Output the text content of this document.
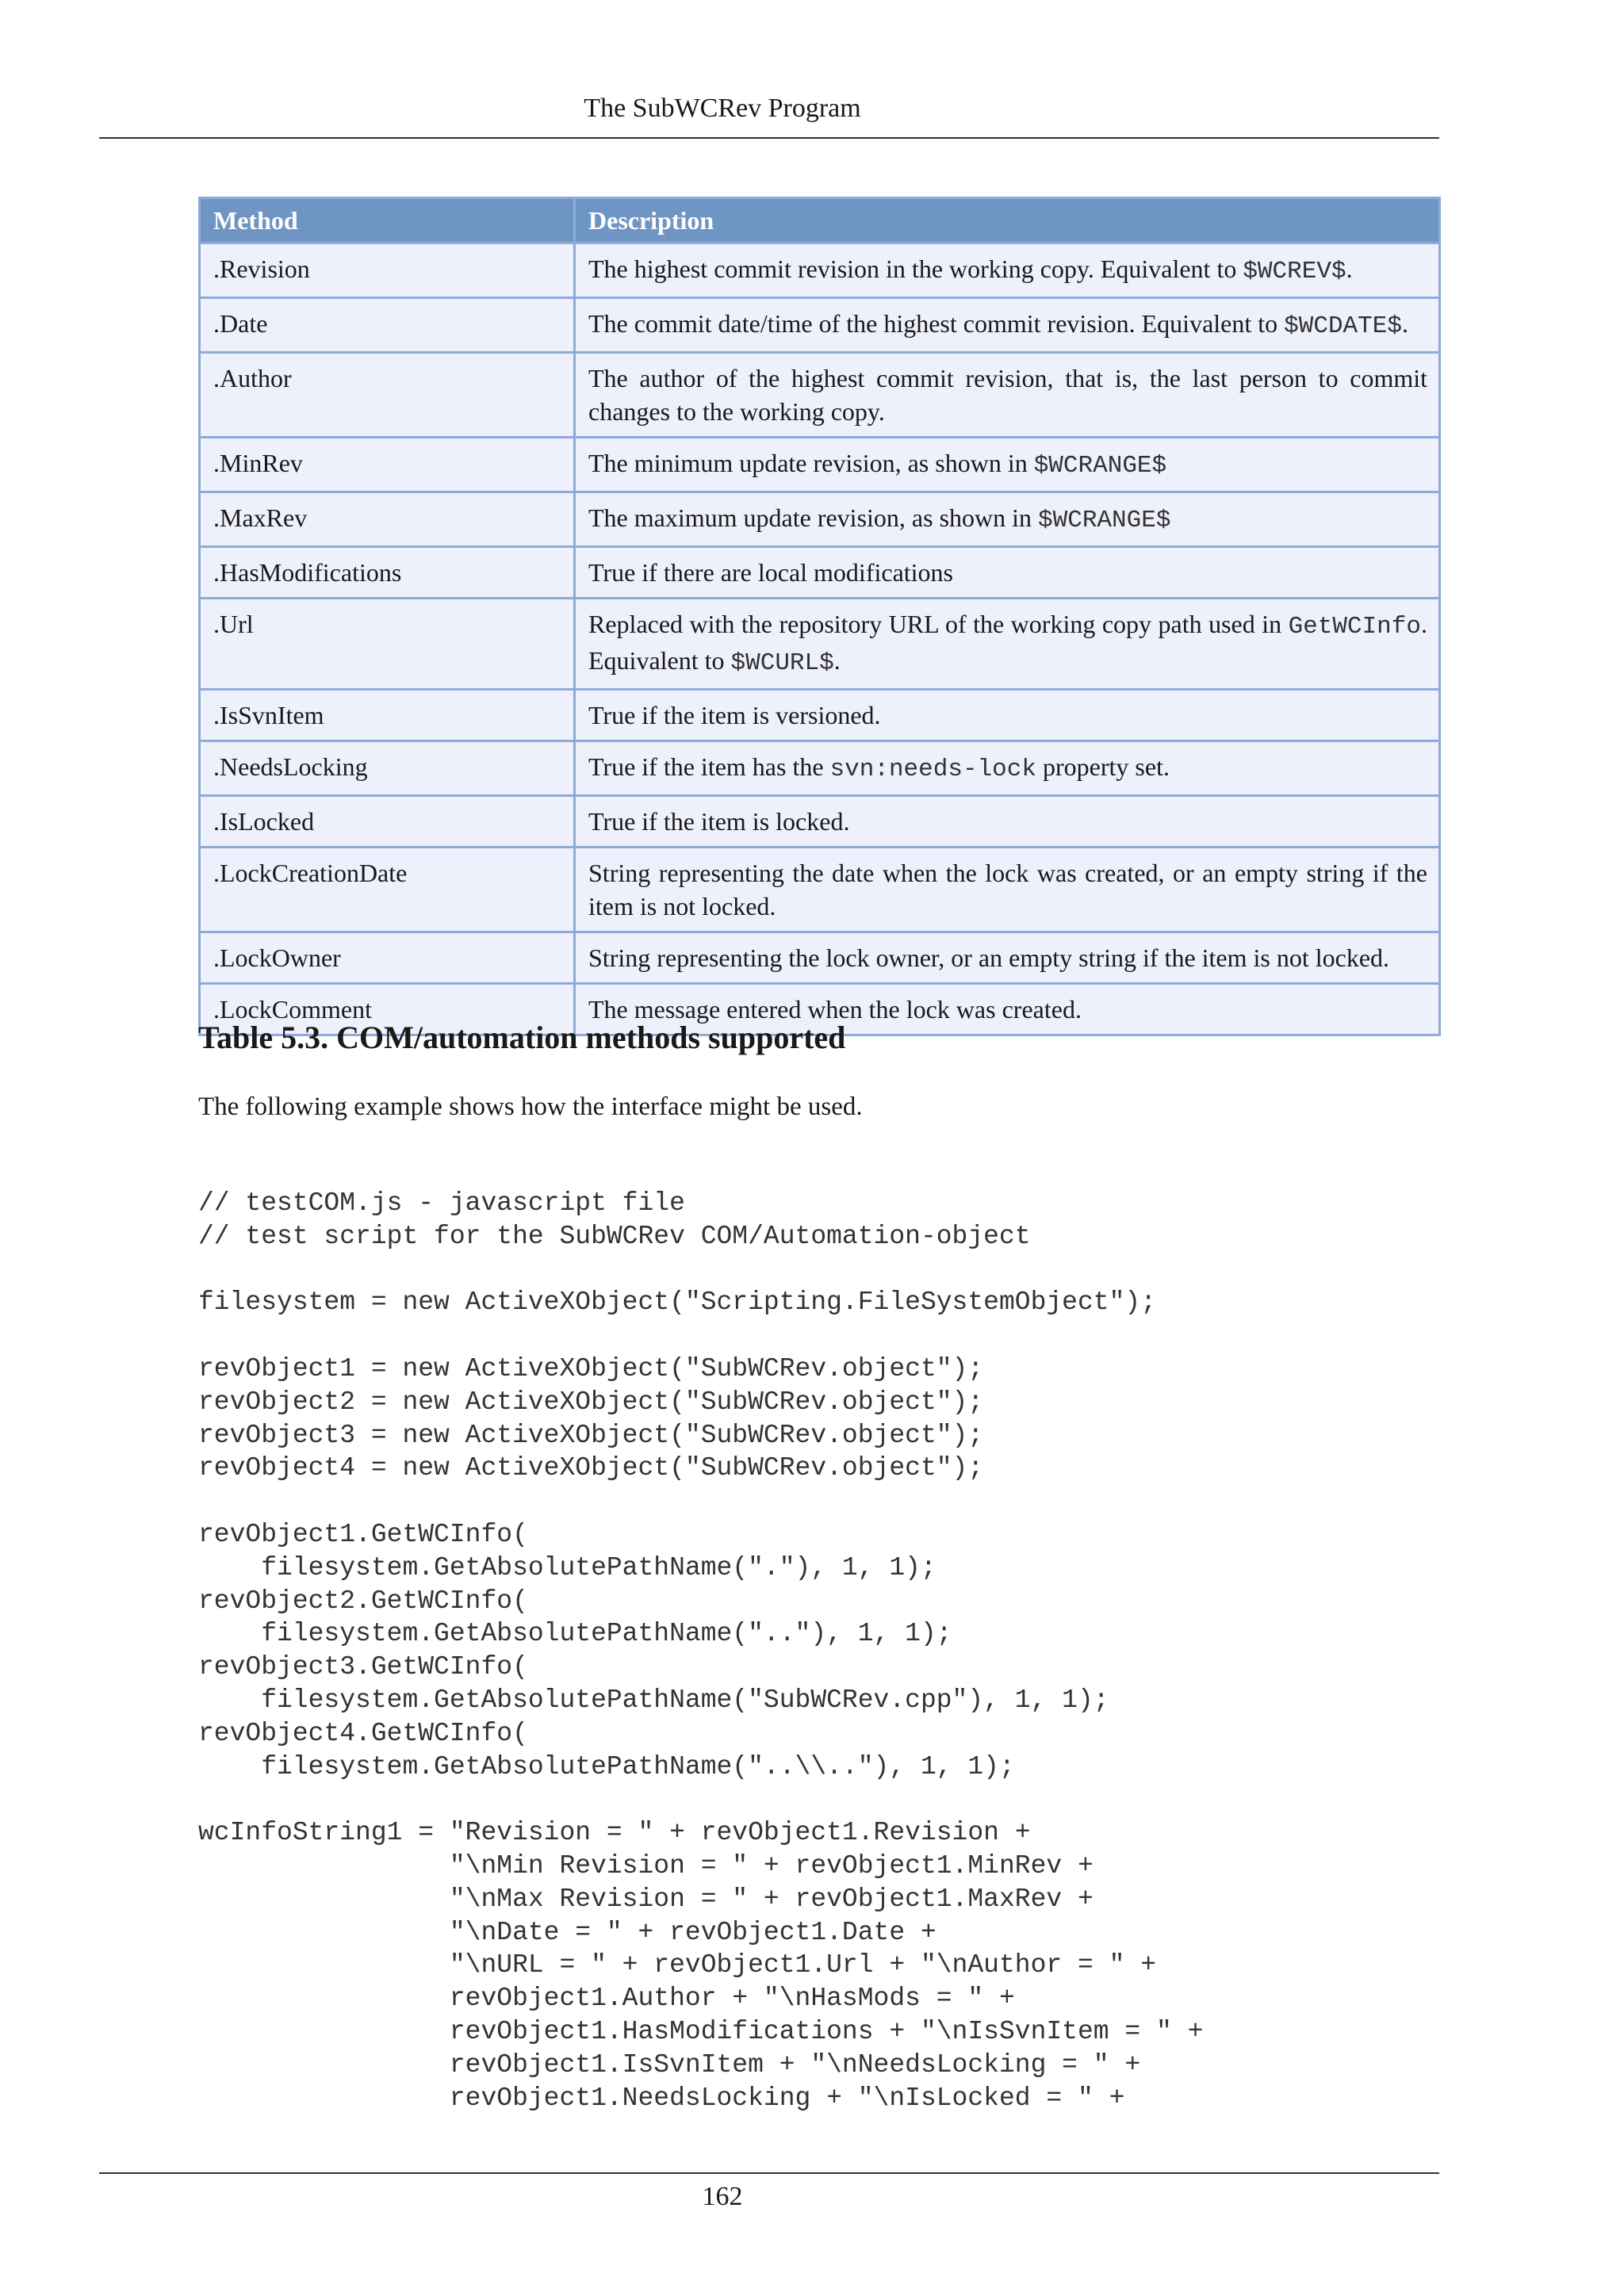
The SubWCRev Program
Method	Description
.Revision	The highest commit revision in the working copy. Equivalent to $WCREV$.
.Date	The commit date/time of the highest commit revision. Equivalent to $WCDATE$.
.Author	The author of the highest commit revision, that is, the last person to commit changes to the working copy.
.MinRev	The minimum update revision, as shown in $WCRANGE$
.MaxRev	The maximum update revision, as shown in $WCRANGE$
.HasModifications	True if there are local modifications
.Url	Replaced with the repository URL of the working copy path used in GetWCInfo. Equivalent to $WCURL$.
.IsSvnItem	True if the item is versioned.
.NeedsLocking	True if the item has the svn:needs-lock property set.
.IsLocked	True if the item is locked.
.LockCreationDate	String representing the date when the lock was created, or an empty string if the item is not locked.
.LockOwner	String representing the lock owner, or an empty string if the item is not locked.
.LockComment	The message entered when the lock was created.
Table 5.3. COM/automation methods supported
The following example shows how the interface might be used.
// testCOM.js - javascript file
// test script for the SubWCRev COM/Automation-object

filesystem = new ActiveXObject("Scripting.FileSystemObject");

revObject1 = new ActiveXObject("SubWCRev.object");
revObject2 = new ActiveXObject("SubWCRev.object");
revObject3 = new ActiveXObject("SubWCRev.object");
revObject4 = new ActiveXObject("SubWCRev.object");

revObject1.GetWCInfo(
filesystem.GetAbsolutePathName("."), 1, 1);
revObject2.GetWCInfo(
filesystem.GetAbsolutePathName(".."), 1, 1);
revObject3.GetWCInfo(
filesystem.GetAbsolutePathName("SubWCRev.cpp"), 1, 1);
revObject4.GetWCInfo(
filesystem.GetAbsolutePathName("..\\.."), 1, 1);

wcInfoString1 = "Revision = " + revObject1.Revision +
"\nMin Revision = " + revObject1.MinRev +
"\nMax Revision = " + revObject1.MaxRev +
"\nDate = " + revObject1.Date +
"\nURL = " + revObject1.Url + "\nAuthor = " +
revObject1.Author + "\nHasMods = " +
revObject1.HasModifications + "\nIsSvnItem = " +
revObject1.IsSvnItem + "\nNeedsLocking = " +
revObject1.NeedsLocking + "\nIsLocked = " +
162
